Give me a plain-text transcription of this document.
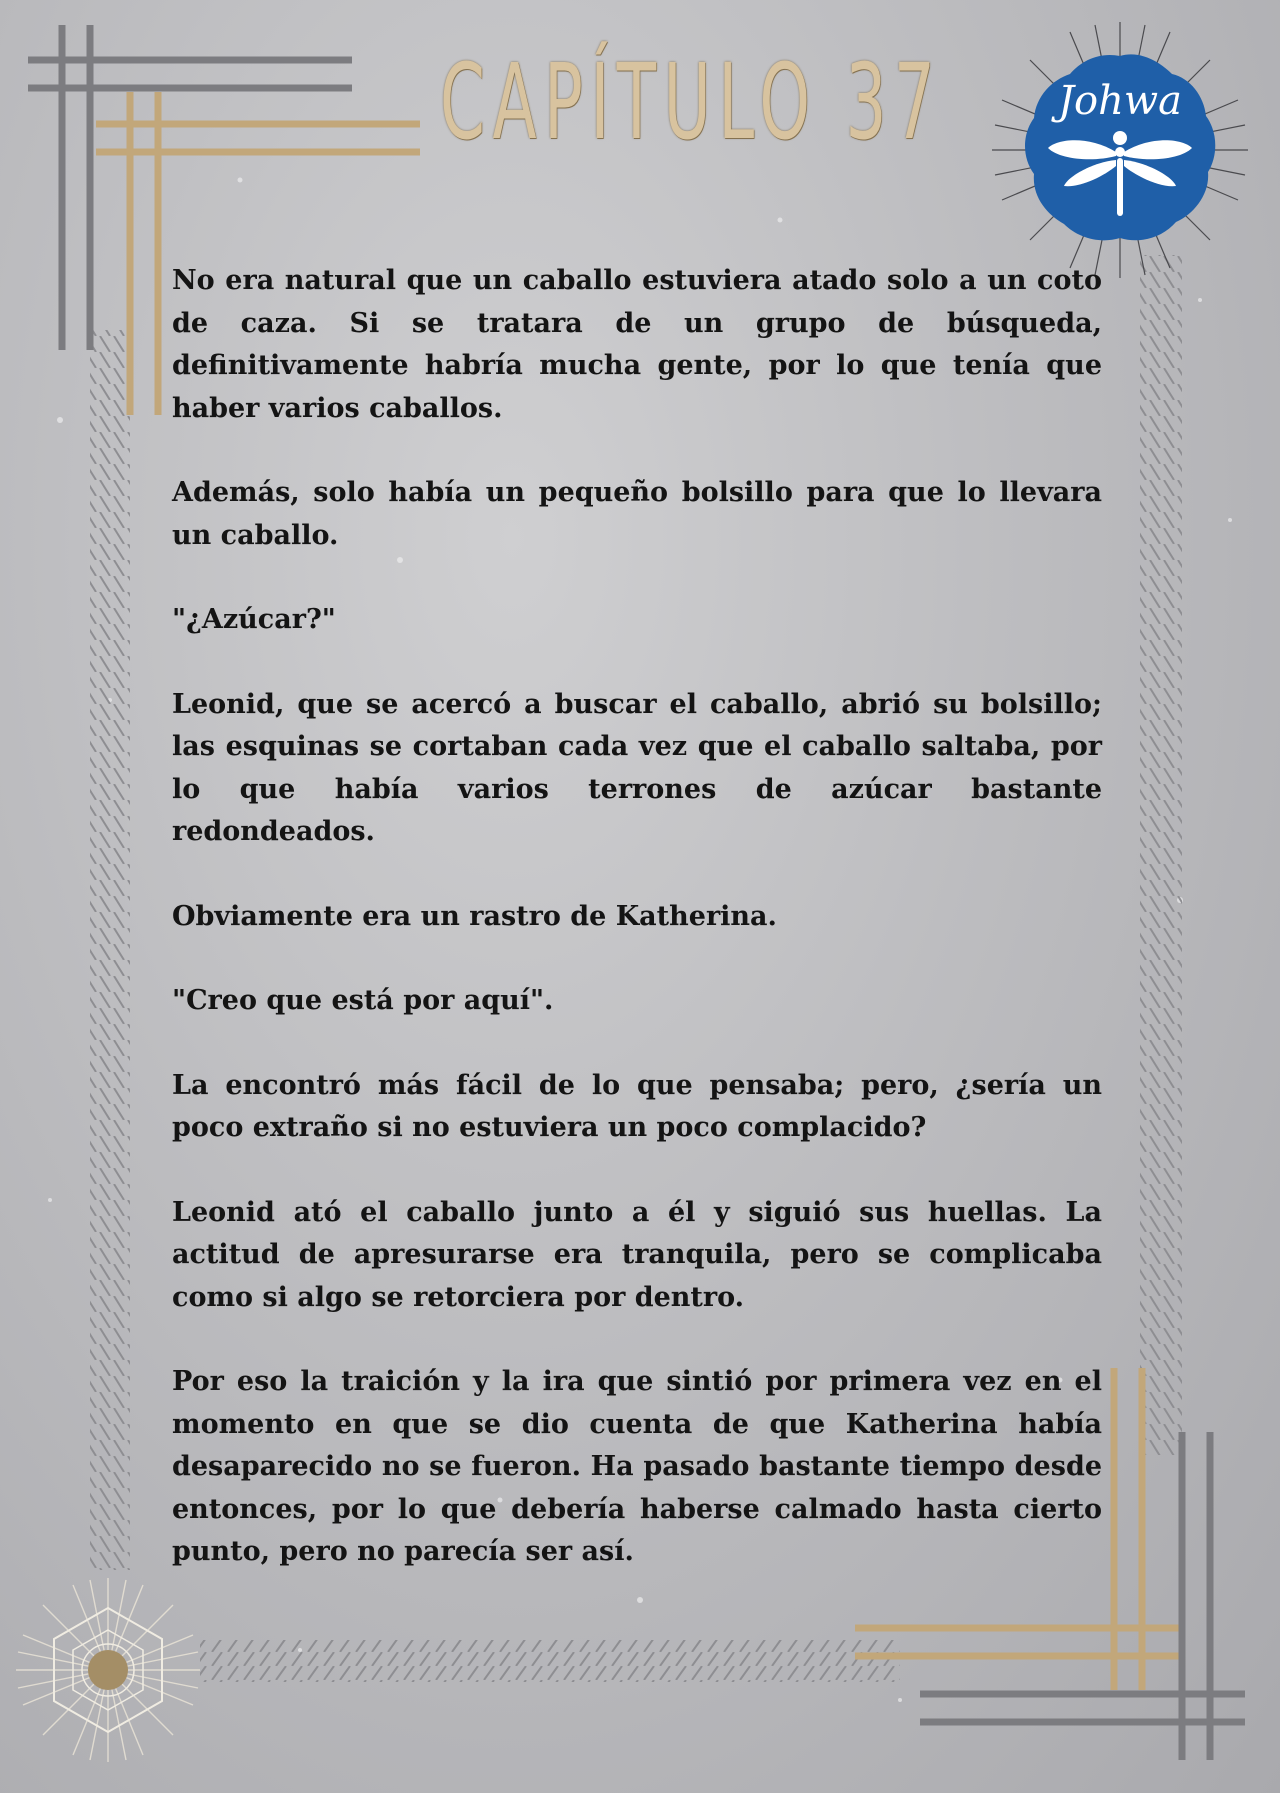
CAPÍTULO 37	Johwa

No era natural que un caballo estuviera atado solo a un coto de caza. Si se tratara de un grupo de búsqueda, definitivamente habría mucha gente, por lo que tenía que haber varios caballos.

Además, solo había un pequeño bolsillo para que lo llevara un caballo.

"¿Azúcar?"

Leonid, que se acercó a buscar el caballo, abrió su bolsillo; las esquinas se cortaban cada vez que el caballo saltaba, por lo que había varios terrones de azúcar bastante redondeados.

Obviamente era un rastro de Katherina.

"Creo que está por aquí".

La encontró más fácil de lo que pensaba; pero, ¿sería un poco extraño si no estuviera un poco complacido?

Leonid ató el caballo junto a él y siguió sus huellas. La actitud de apresurarse era tranquila, pero se complicaba como si algo se retorciera por dentro.

Por eso la traición y la ira que sintió por primera vez en el momento en que se dio cuenta de que Katherina había desaparecido no se fueron. Ha pasado bastante tiempo desde entonces, por lo que debería haberse calmado hasta cierto punto, pero no parecía ser así.
